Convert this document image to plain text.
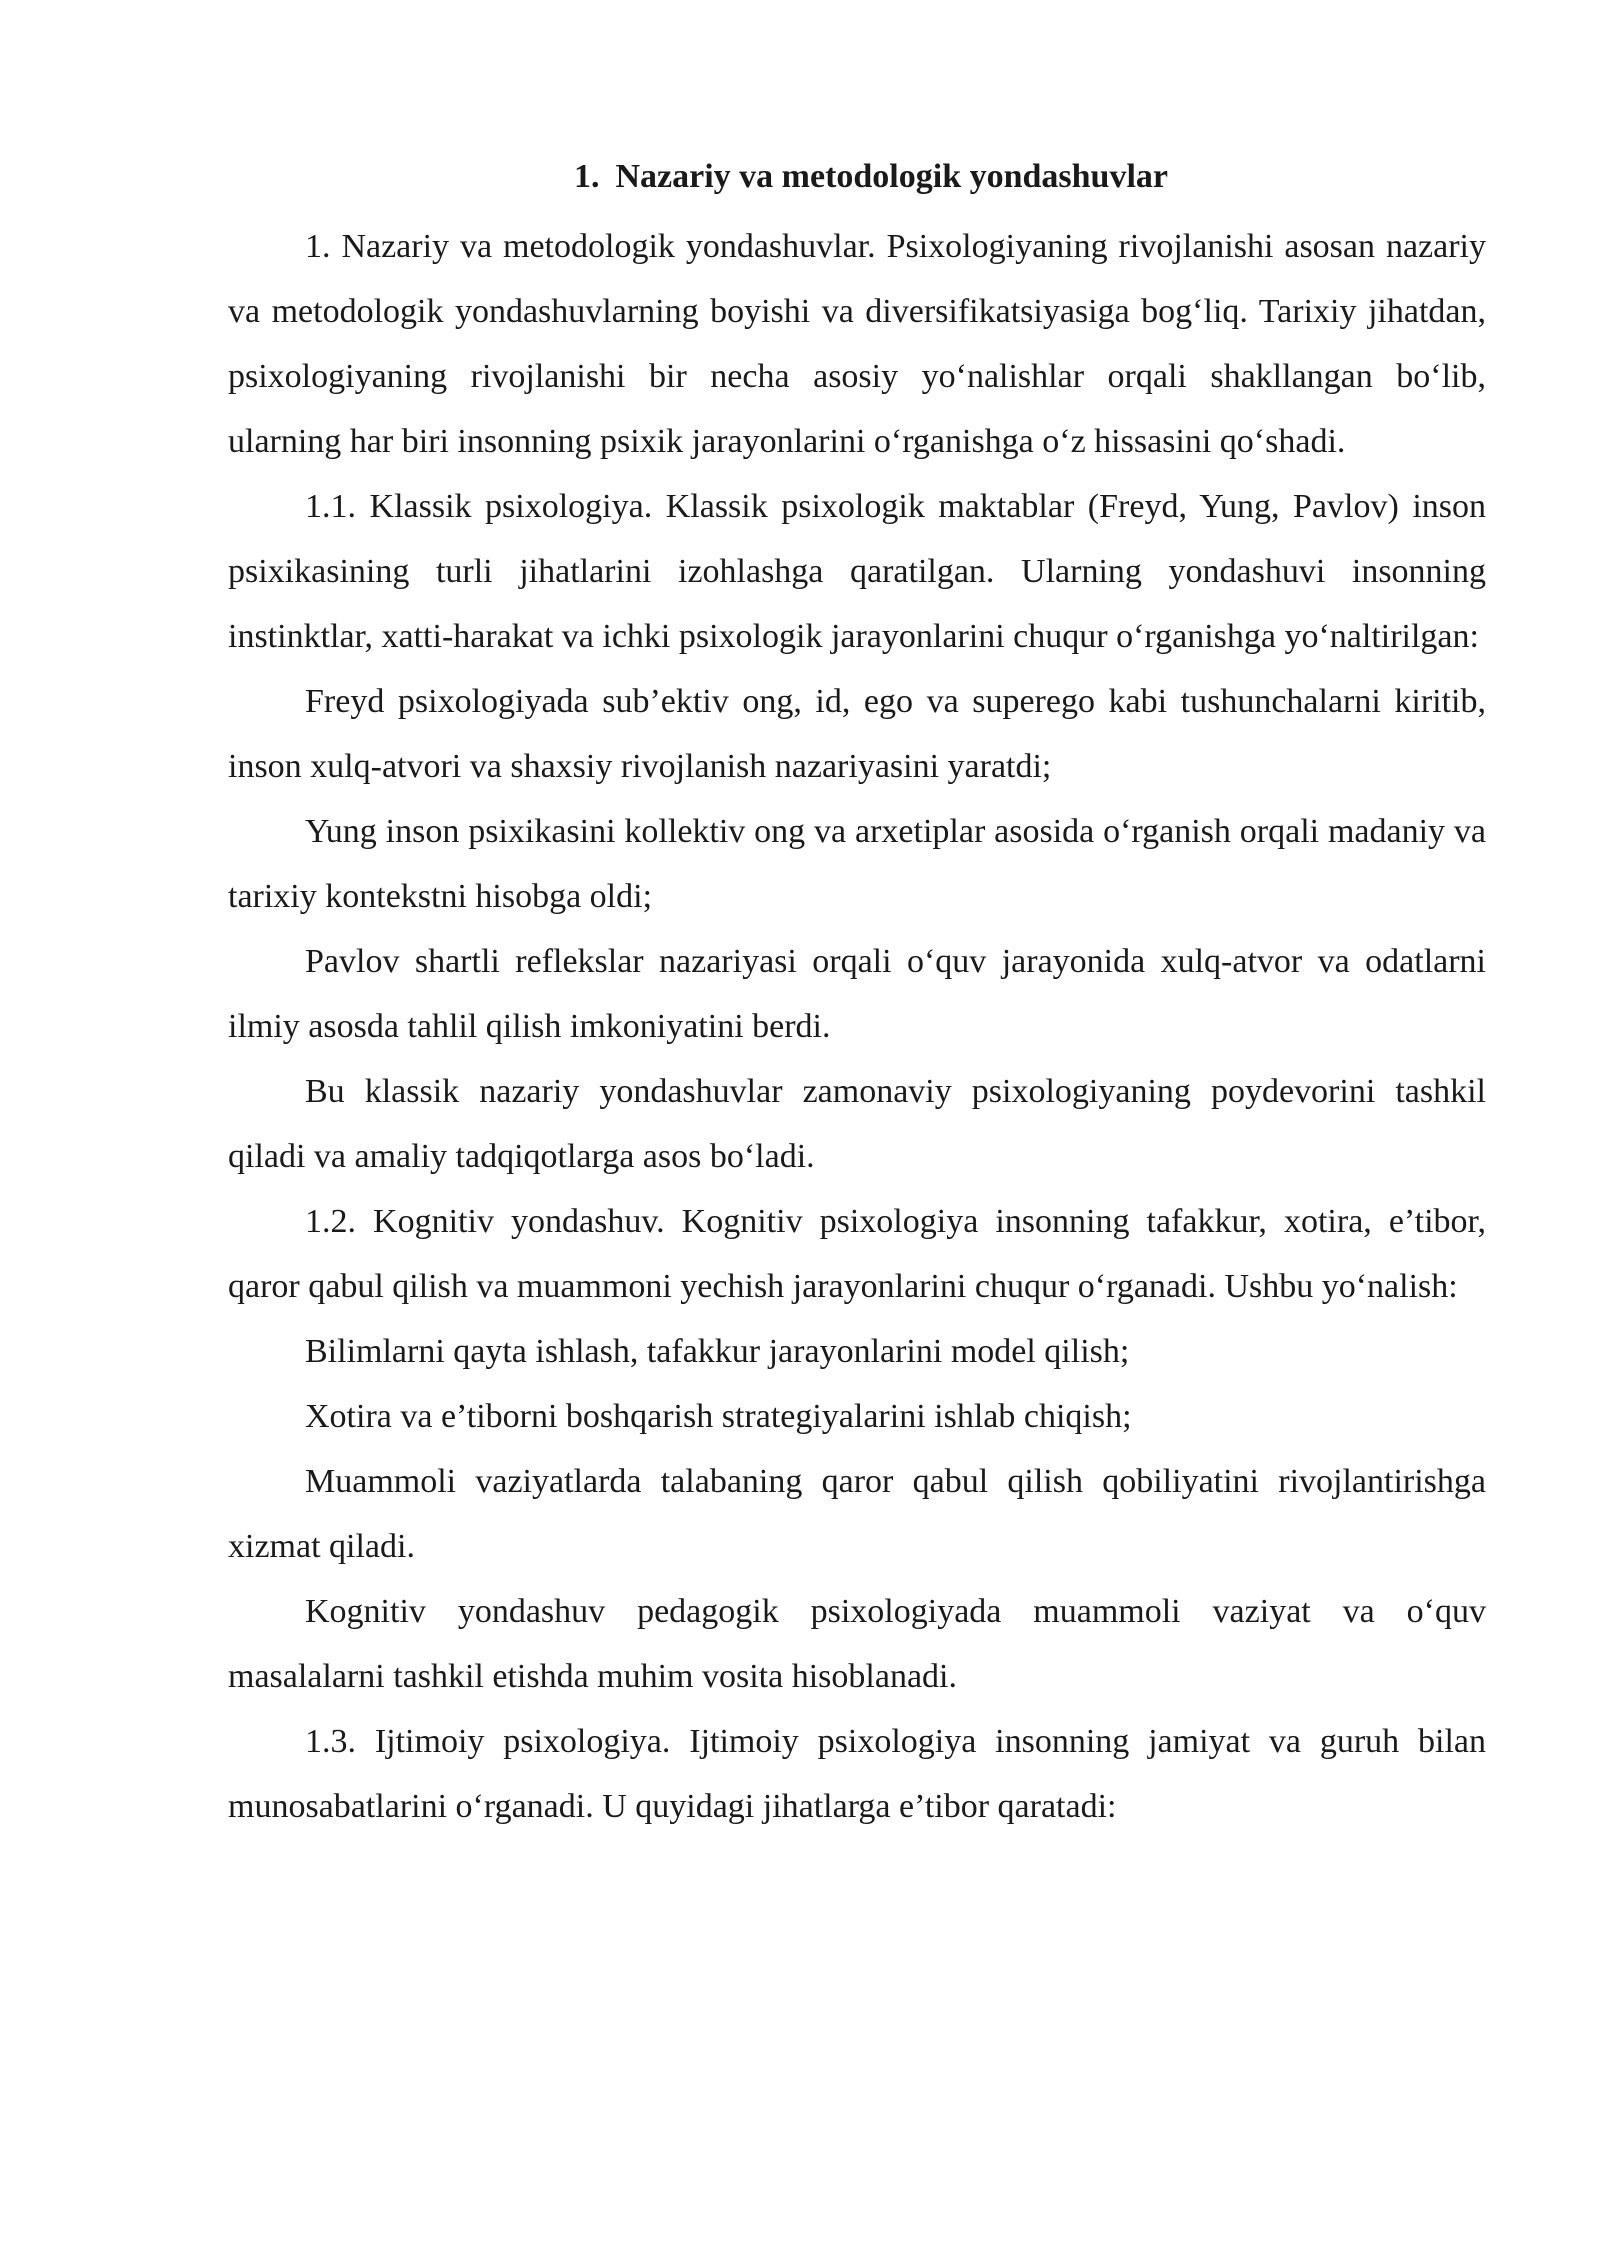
1. Nazariy va metodologik yondashuvlar

1. Nazariy va metodologik yondashuvlar. Psixologiyaning rivojlanishi asosan nazariy va metodologik yondashuvlarning boyishi va diversifikatsiyasiga bog‘liq. Tarixiy jihatdan, psixologiyaning rivojlanishi bir necha asosiy yo‘nalishlar orqali shakllangan bo‘lib, ularning har biri insonning psixik jarayonlarini o‘rganishga o‘z hissasini qo‘shadi.

1.1. Klassik psixologiya. Klassik psixologik maktablar (Freyd, Yung, Pavlov) inson psixikasining turli jihatlarini izohlashga qaratilgan. Ularning yondashuvi insonning instinktlar, xatti-harakat va ichki psixologik jarayonlarini chuqur o‘rganishga yo‘naltirilgan:

Freyd psixologiyada sub’ektiv ong, id, ego va superego kabi tushunchalarni kiritib, inson xulq-atvori va shaxsiy rivojlanish nazariyasini yaratdi;

Yung inson psixikasini kollektiv ong va arxetiplar asosida o‘rganish orqali madaniy va tarixiy kontekstni hisobga oldi;

Pavlov shartli reflekslar nazariyasi orqali o‘quv jarayonida xulq-atvor va odatlarni ilmiy asosda tahlil qilish imkoniyatini berdi.

Bu klassik nazariy yondashuvlar zamonaviy psixologiyaning poydevorini tashkil qiladi va amaliy tadqiqotlarga asos bo‘ladi.

1.2. Kognitiv yondashuv. Kognitiv psixologiya insonning tafakkur, xotira, e’tibor, qaror qabul qilish va muammoni yechish jarayonlarini chuqur o‘rganadi. Ushbu yo‘nalish:

Bilimlarni qayta ishlash, tafakkur jarayonlarini model qilish;

Xotira va e’tiborni boshqarish strategiyalarini ishlab chiqish;

Muammoli vaziyatlarda talabaning qaror qabul qilish qobiliyatini rivojlantirishga xizmat qiladi.

Kognitiv yondashuv pedagogik psixologiyada muammoli vaziyat va o‘quv masalalarni tashkil etishda muhim vosita hisoblanadi.

1.3. Ijtimoiy psixologiya. Ijtimoiy psixologiya insonning jamiyat va guruh bilan munosabatlarini o‘rganadi. U quyidagi jihatlarga e’tibor qaratadi:
